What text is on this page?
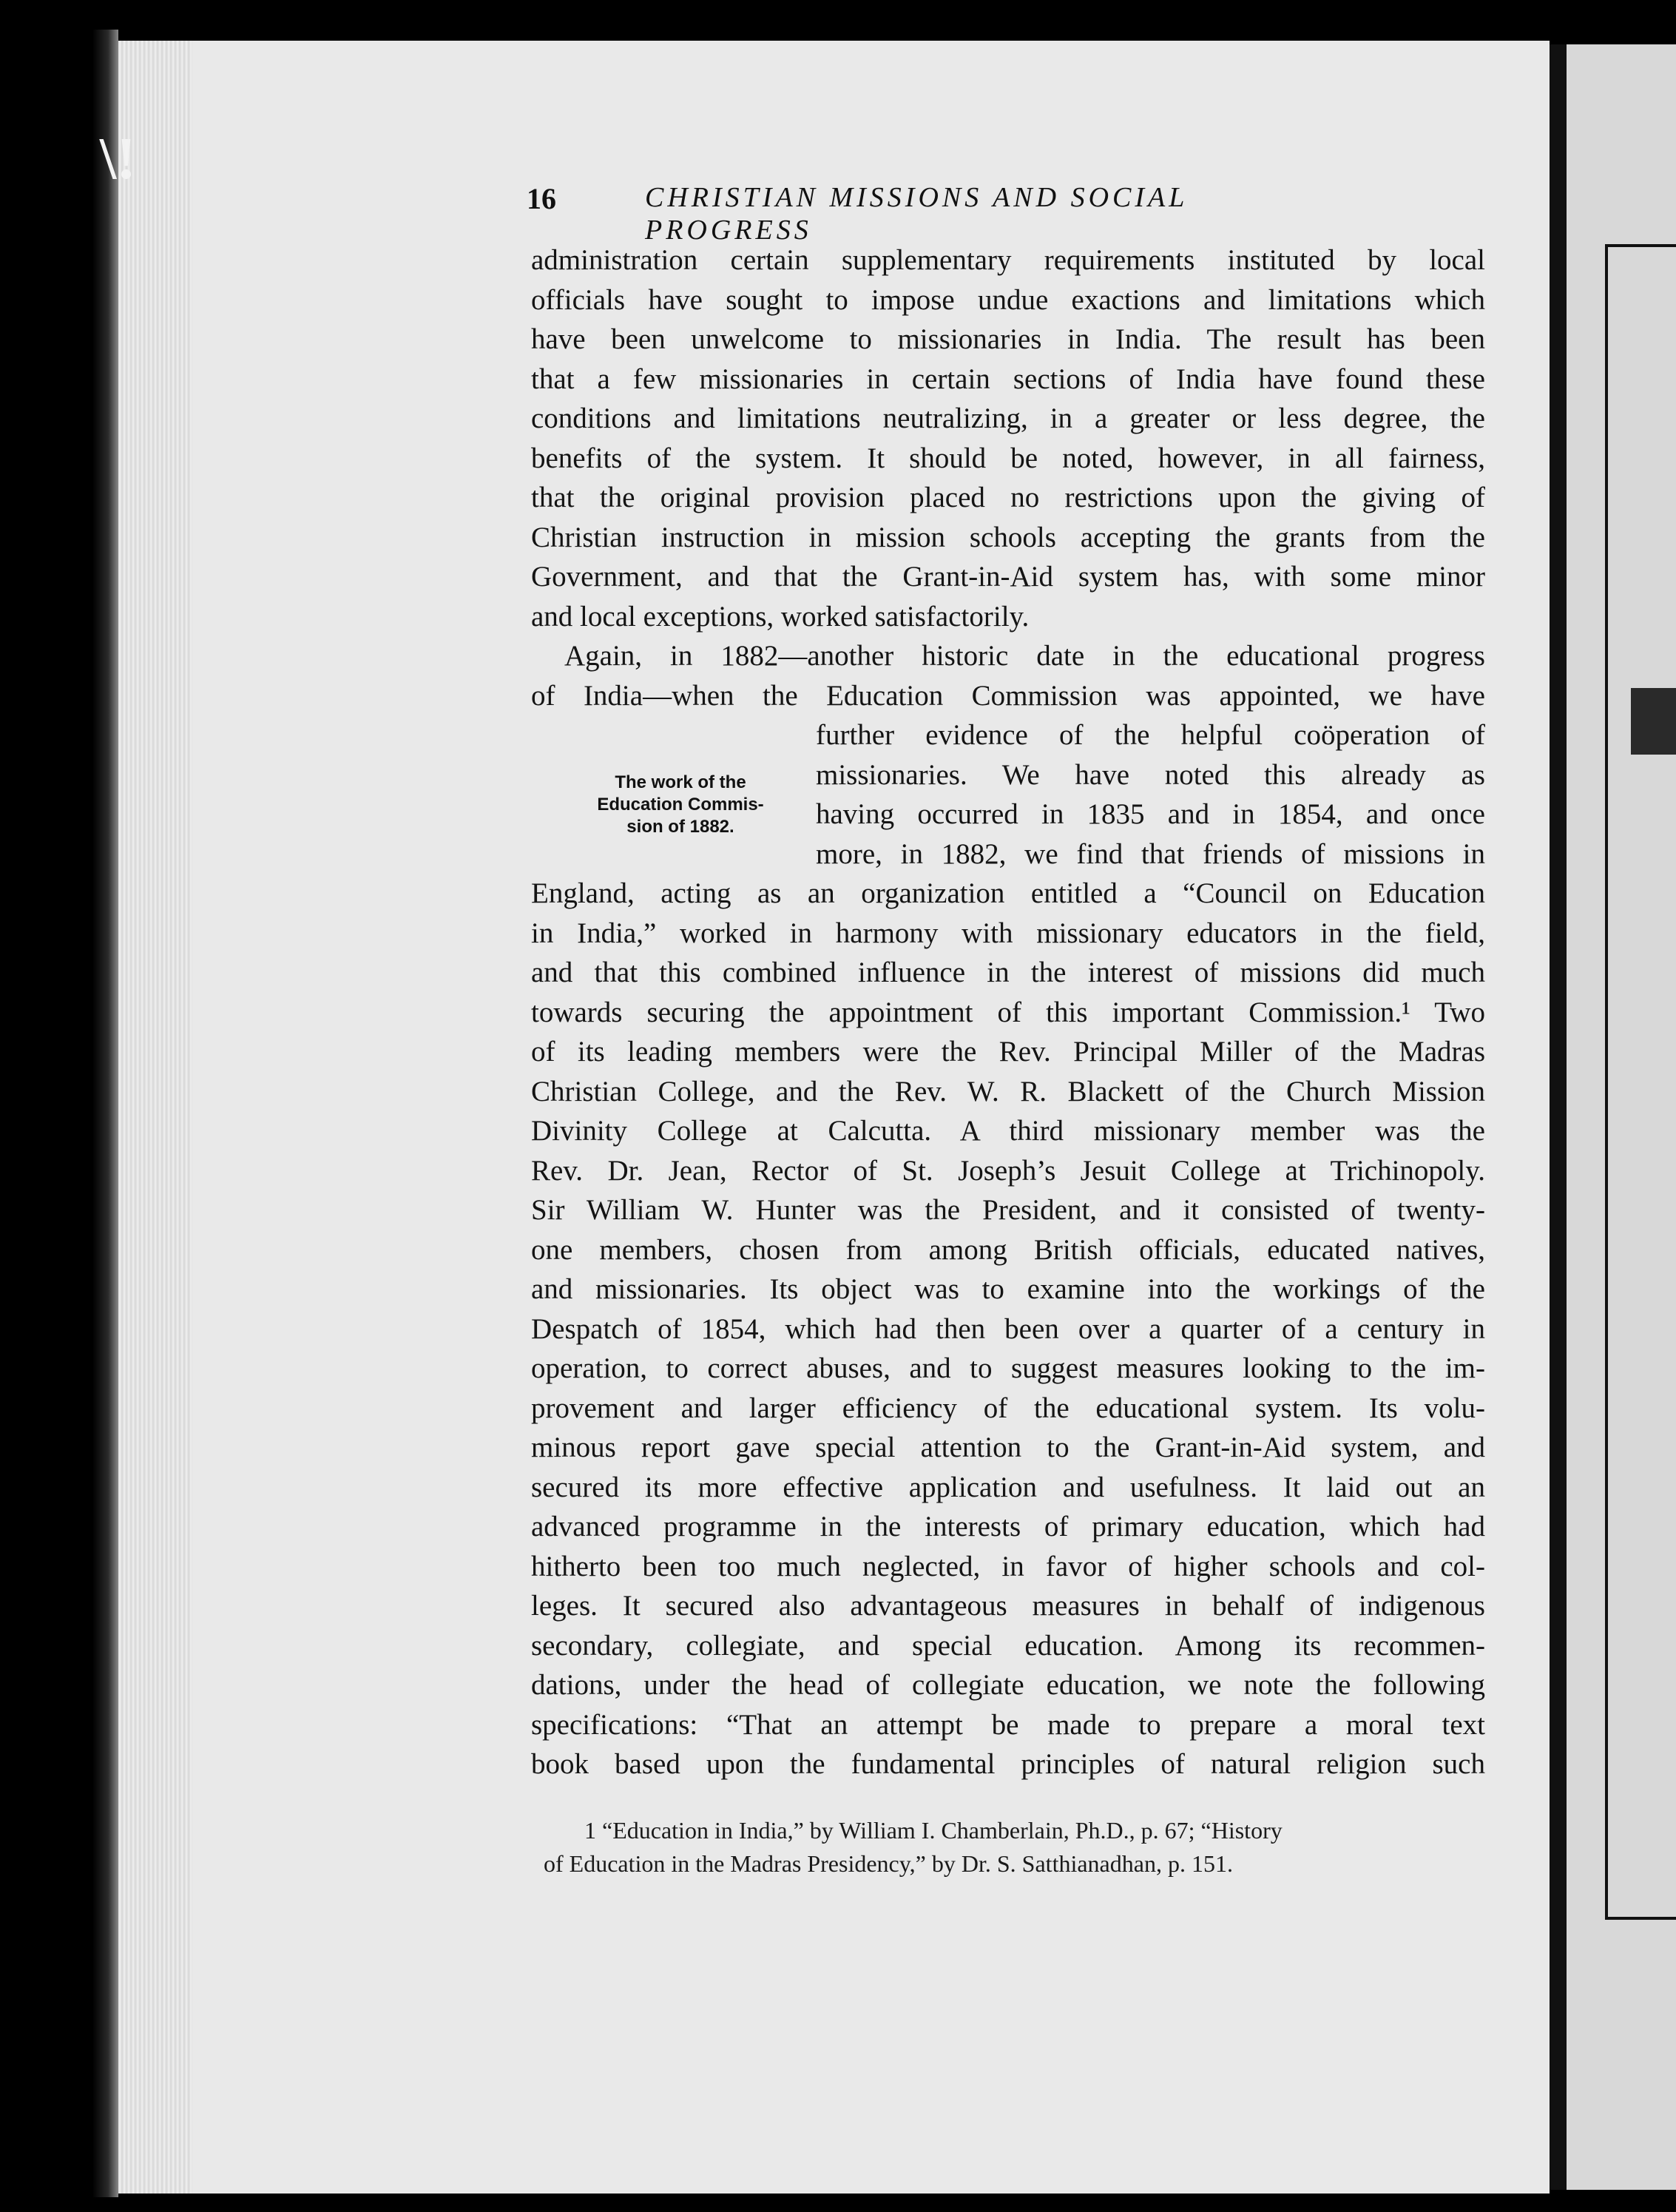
\!
16	CHRISTIAN MISSIONS AND SOCIAL PROGRESS
administration certain supplementary requirements instituted by local
officials have sought to impose undue exactions and limitations which
have been unwelcome to missionaries in India. The result has been
that a few missionaries in certain sections of India have found these
conditions and limitations neutralizing, in a greater or less degree, the
benefits of the system. It should be noted, however, in all fairness,
that the original provision placed no restrictions upon the giving of
Christian instruction in mission schools accepting the grants from the
Government, and that the Grant-in-Aid system has, with some minor
and local exceptions, worked satisfactorily.
Again, in 1882—another historic date in the educational progress
of India—when the Education Commission was appointed, we have
further evidence of the helpful coöperation of
missionaries. We have noted this already as
having occurred in 1835 and in 1854, and once
more, in 1882, we find that friends of missions in
England, acting as an organization entitled a “Council on Education
in India,” worked in harmony with missionary educators in the field,
and that this combined influence in the interest of missions did much
towards securing the appointment of this important Commission.¹ Two
of its leading members were the Rev. Principal Miller of the Madras
Christian College, and the Rev. W. R. Blackett of the Church Mission
Divinity College at Calcutta. A third missionary member was the
Rev. Dr. Jean, Rector of St. Joseph’s Jesuit College at Trichinopoly.
Sir William W. Hunter was the President, and it consisted of twenty-
one members, chosen from among British officials, educated natives,
and missionaries. Its object was to examine into the workings of the
Despatch of 1854, which had then been over a quarter of a century in
operation, to correct abuses, and to suggest measures looking to the im-
provement and larger efficiency of the educational system. Its volu-
minous report gave special attention to the Grant-in-Aid system, and
secured its more effective application and usefulness. It laid out an
advanced programme in the interests of primary education, which had
hitherto been too much neglected, in favor of higher schools and col-
leges. It secured also advantageous measures in behalf of indigenous
secondary, collegiate, and special education. Among its recommen-
dations, under the head of collegiate education, we note the following
specifications: “That an attempt be made to prepare a moral text
book based upon the fundamental principles of natural religion such
The work of the
Education Commis-
sion of 1882.
1 “Education in India,” by William I. Chamberlain, Ph.D., p. 67; “History
of Education in the Madras Presidency,” by Dr. S. Satthianadhan, p. 151.
